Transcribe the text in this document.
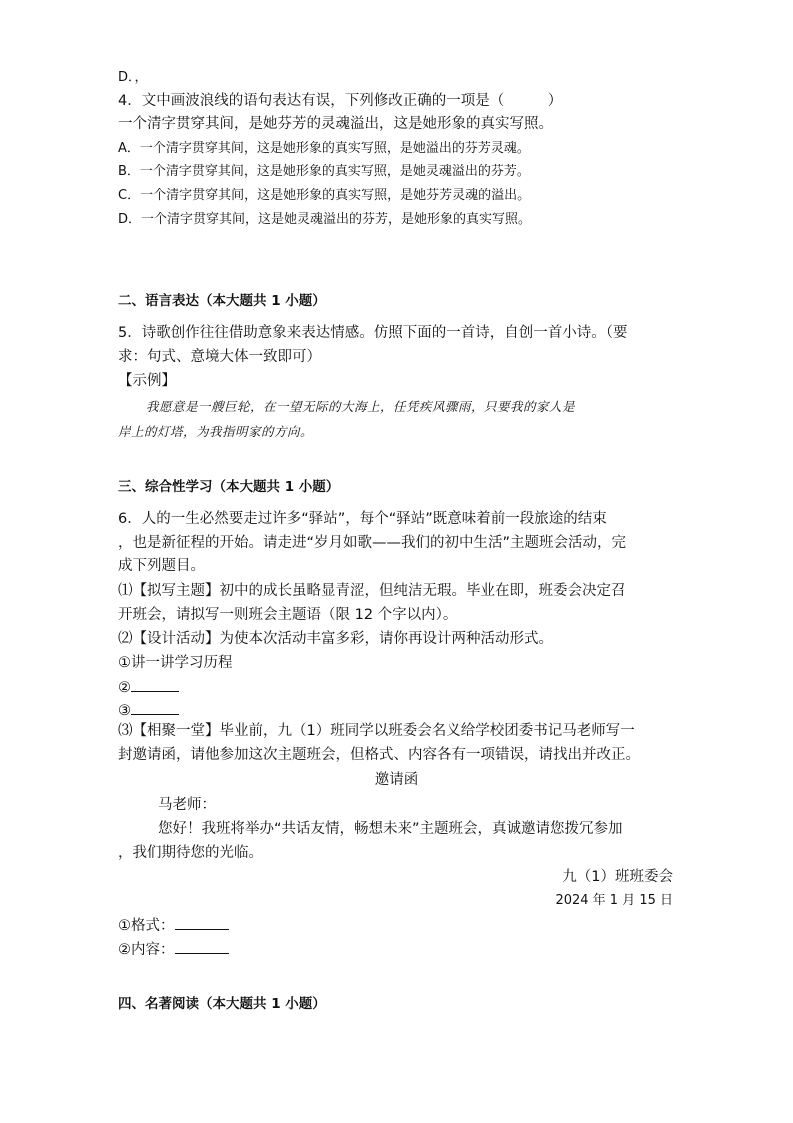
D．，
4．文中画波浪线的语句表达有误，下列修改正确的一项是（　　　）
一个清字贯穿其间，是她芬芳的灵魂溢出，这是她形象的真实写照。
A．一个清字贯穿其间，这是她形象的真实写照，是她溢出的芬芳灵魂。
B．一个清字贯穿其间，这是她形象的真实写照，是她灵魂溢出的芬芳。
C．一个清字贯穿其间，这是她形象的真实写照，是她芬芳灵魂的溢出。
D．一个清字贯穿其间，这是她灵魂溢出的芬芳，是她形象的真实写照。
二、语言表达（本大题共 1 小题）
5．诗歌创作往往借助意象来表达情感。仿照下面的一首诗，自创一首小诗。（要
求：句式、意境大体一致即可）
【示例】
我愿意是一艘巨轮，在一望无际的大海上，任凭疾风骤雨，只要我的家人是
岸上的灯塔，为我指明家的方向。
三、综合性学习（本大题共 1 小题）
6．人的一生必然要走过许多“驿站”，每个“驿站”既意味着前一段旅途的结束
，也是新征程的开始。请走进“岁月如歌——我们的初中生活”主题班会活动，完
成下列题目。
⑴【拟写主题】初中的成长虽略显青涩，但纯洁无瑕。毕业在即，班委会决定召
开班会，请拟写一则班会主题语（限 12 个字以内）。
⑵【设计活动】为使本次活动丰富多彩，请你再设计两种活动形式。
①讲一讲学习历程
②
③
⑶【相聚一堂】毕业前，九（1）班同学以班委会名义给学校团委书记马老师写一
封邀请函，请他参加这次主题班会，但格式、内容各有一项错误，请找出并改正。
邀请函
马老师：
您好！我班将举办“共话友情，畅想未来”主题班会，真诚邀请您拨冗参加
，我们期待您的光临。
九（1）班班委会
2024 年 1 月 15 日
①格式：
②内容：
四、名著阅读（本大题共 1 小题）
